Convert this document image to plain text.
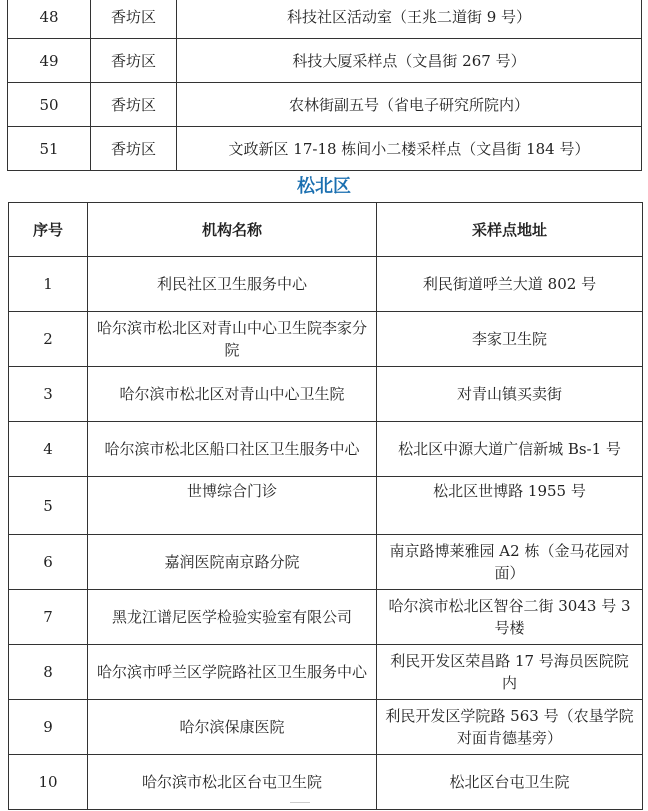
48	香坊区	科技社区活动室（王兆二道街 9 号）
49	香坊区	科技大厦采样点（文昌街 267 号）
50	香坊区	农林街副五号（省电子研究所院内）
51	香坊区	文政新区 17-18 栋间小二楼采样点（文昌街 184 号）
松北区
序号	机构名称	采样点地址
1	利民社区卫生服务中心	利民街道呼兰大道 802 号
2	哈尔滨市松北区对青山中心卫生院李家分院	李家卫生院
3	哈尔滨市松北区对青山中心卫生院	对青山镇买卖街
4	哈尔滨市松北区船口社区卫生服务中心	松北区中源大道广信新城 Bs-1 号
5	世博综合门诊	松北区世博路 1955 号
6	嘉润医院南京路分院	南京路博莱雅园 A2 栋（金马花园对面）
7	黑龙江谱尼医学检验实验室有限公司	哈尔滨市松北区智谷二街 3043 号 3 号楼
8	哈尔滨市呼兰区学院路社区卫生服务中心	利民开发区荣昌路 17 号海员医院院内
9	哈尔滨保康医院	利民开发区学院路 563 号（农垦学院对面肯德基旁）
10	哈尔滨市松北区台屯卫生院	松北区台屯卫生院
